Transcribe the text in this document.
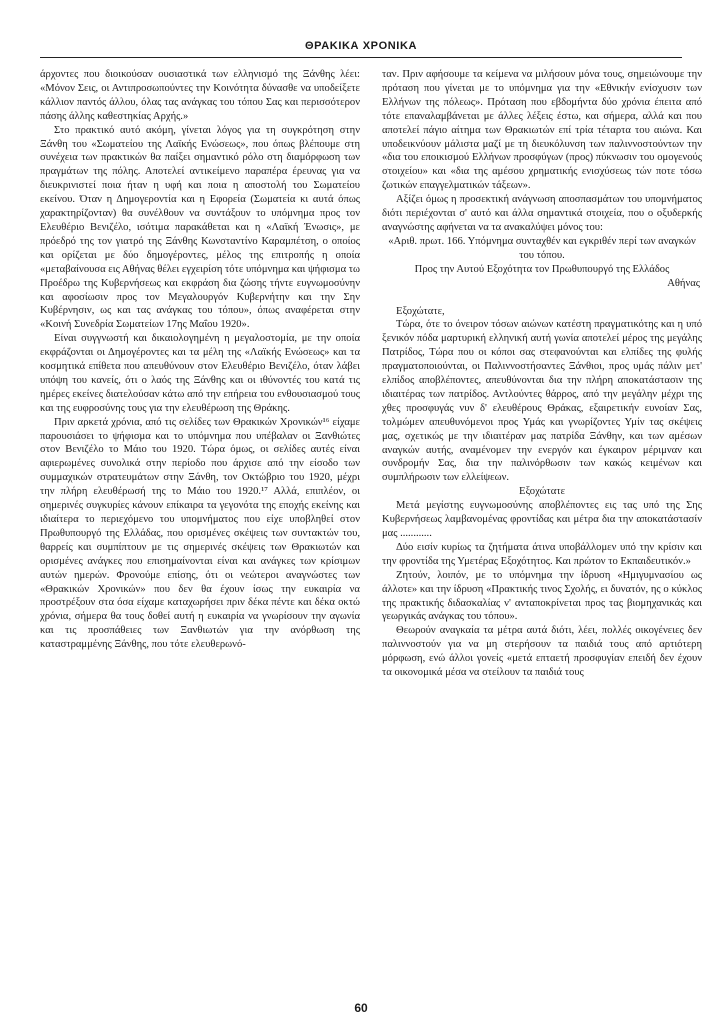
ΘΡΑΚΙΚΑ ΧΡΟΝΙΚΑ

άρχοντες που διοικούσαν ουσιαστικά των ελληνισμό της Ξάνθης λέει: «Μόνον Σεις, οι Αντιπροσωπούντες την Κοινότητα δύνασθε να υποδείξετε κάλλιον παντός άλλου, όλας τας ανάγκας του τόπου Σας και περισσότερον πάσης άλλης καθεστηκίας Αρχής.»

Στο πρακτικό αυτό ακόμη, γίνεται λόγος για τη συγκρότηση στην Ξάνθη του «Σωματείου της Λαϊκής Ενώσεως», που όπως βλέπουμε στη συνέχεια των πρακτικών θα παίξει σημαντικό ρόλο στη διαμόρφωση των πραγμάτων της πόλης. Αποτελεί αντικείμενο παραπέρα έρευνας για να διευκρινιστεί ποια ήταν η υφή και ποια η αποστολή του Σωματείου εκείνου. Όταν η Δημογεροντία και η Εφορεία (Σωματεία κι αυτά όπως χαρακτηρίζονταν) θα συνέλθουν να συντάξουν το υπόμνημα προς τον Ελευθέριο Βενιζέλο, ισότιμα παρακάθεται και η «Λαϊκή Ένωσις», με πρόεδρό της τον γιατρό της Ξάνθης Κωνσταντίνο Καραμπέτση, ο οποίος και ορίζεται με δύο δημογέροντες, μέλος της επιτροπής η οποία «μεταβαίνουσα εις Αθήνας θέλει εγχειρίση τότε υπόμνημα και ψήφισμα τω Προέδρω της Κυβερνήσεως και εκφράση δια ζώσης τήντε ευγνωμοσύνην και αφοσίωσιν προς τον Μεγαλουργόν Κυβερνήτην και την Σην Κυβέρνησιν, ως και τας ανάγκας του τόπου», όπως αναφέρεται στην «Κοινή Συνεδρία Σωματείων 17ης Μαΐου 1920».

Είναι συγγνωστή και δικαιολογημένη η μεγαλοστομία, με την οποία εκφράζονται οι Δημογέροντες και τα μέλη της «Λαϊκής Ενώσεως» και τα κοσμητικά επίθετα που απευθύνουν στον Ελευθέριο Βενιζέλο, όταν λάβει υπόψη του κανείς, ότι ο λαός της Ξάνθης και οι ιθύνοντές του κατά τις ημέρες εκείνες διατελούσαν κάτω από την επήρεια του ενθουσιασμού τους και της ευφροσύνης τους για την ελευθέρωση της Θράκης.

Πριν αρκετά χρόνια, από τις σελίδες των Θρακικών Χρονικών¹⁶ είχαμε παρουσιάσει το ψήφισμα και το υπόμνημα που υπέβαλαν οι Ξανθιώτες στον Βενιζέλο το Μάιο του 1920. Τώρα όμως, οι σελίδες αυτές είναι αφιερωμένες συνολικά στην περίοδο που άρχισε από την είσοδο των συμμαχικών στρατευμάτων στην Ξάνθη, τον Οκτώβριο του 1920, μέχρι την πλήρη ελευθέρωσή της το Μάιο του 1920.¹⁷ Αλλά, επιπλέον, οι σημερινές συγκυρίες κάνουν επίκαιρα τα γεγονότα της εποχής εκείνης και ιδιαίτερα το περιεχόμενο του υπομνήματος που είχε υποβληθεί στον Πρωθυπουργό της Ελλάδας, που ορισμένες σκέψεις των συντακτών του, θαρρείς και συμπίπτουν με τις σημερινές σκέψεις των Θρακιωτών και ορισμένες ανάγκες που επισημαίνονται είναι και ανάγκες των κρίσιμων αυτών ημερών. Φρονούμε επίσης, ότι οι νεώτεροι αναγνώστες των «Θρακικών Χρονικών» που δεν θα έχουν ίσως την ευκαιρία να προστρέξουν στα όσα είχαμε καταχωρήσει πριν δέκα πέντε και δέκα οκτώ χρόνια, σήμερα θα τους δοθεί αυτή η ευκαιρία να γνωρίσουν την αγωνία και τις προσπάθειες των Ξανθιωτών για την ανόρθωση της καταστραμμένης Ξάνθης, που τότε ελευθερωνό-

ταν. Πριν αφήσουμε τα κείμενα να μιλήσουν μόνα τους, σημειώνουμε την πρόταση που γίνεται με το υπόμνημα για την «Εθνικήν ενίσχυσιν των Ελλήνων της πόλεως». Πρόταση που εβδομήντα δύο χρόνια έπειτα από τότε επαναλαμβάνεται με άλλες λέξεις έστω, και σήμερα, αλλά και που αποτελεί πάγιο αίτημα των Θρακιωτών επί τρία τέταρτα του αιώνα. Και υποδεικνύουν μάλιστα μαζί με τη διευκόλυνση των παλιννοστούντων την «δια του εποικισμού Ελλήνων προσφύγων (προς) πύκνωσιν του ομογενούς στοιχείου» και «δια της αμέσου χρηματικής ενισχύσεως τών ποτε τόσω ζωτικών επαγγελματικών τάξεων».

Αξίζει όμως η προσεκτική ανάγνωση αποσπασμάτων του υπομνήματος διότι περιέχονται σ' αυτό και άλλα σημαντικά στοιχεία, που ο οξυδερκής αναγνώστης αφήνεται να τα ανακαλύψει μόνος του:

«Αριθ. πρωτ. 166. Υπόμνημα συνταχθέν και εγκριθέν περί των αναγκών του τόπου.

Προς την Αυτού Εξοχότητα τον Πρωθυπουργό της Ελλάδος

Αθήνας

Εξοχώτατε,

Τώρα, ότε το όνειρον τόσων αιώνων κατέστη πραγματικότης και η υπό ξενικόν πόδα μαρτυρική ελληνική αυτή γωνία αποτελεί μέρος της μεγάλης Πατρίδος, Τώρα που οι κόποι σας στεφανούνται και ελπίδες της φυλής πραγματοποιούνται, οι Παλιννοστήσαντες Ξάνθιοι, προς υμάς πάλιν μετ' ελπίδος αποβλέποντες, απευθύνονται δια την πλήρη αποκατάστασιν της ιδιαιτέρας των πατρίδος. Αντλούντες θάρρος, από την μεγάλην μέχρι της χθες προσφυγάς νυν δ' ελευθέρους Θράκας, εξαιρετικήν ευνοίαν Σας, τολμώμεν απευθυνόμενοι προς Υμάς και γνωρίζοντες Υμίν τας σκέψεις μας, σχετικώς με την ιδιαιτέραν μας πατρίδα Ξάνθην, και των αμέσων αναγκών αυτής, αναμένομεν την ενεργόν και έγκαιρον μέριμναν και συνδρομήν Σας, δια την παλινόρθωσιν των κακώς κειμένων και συμπλήρωσιν των ελλείψεων.

Εξοχώτατε

Μετά μεγίστης ευγνωμοσύνης αποβλέποντες εις τας υπό της Σης Κυβερνήσεως λαμβανομένας φροντίδας και μέτρα δια την αποκατάστασίν μας ............

Δύο εισίν κυρίως τα ζητήματα άτινα υποβάλλομεν υπό την κρίσιν και την φροντίδα της Υμετέρας Εξοχότητος. Και πρώτον το Εκπαιδευτικόν.»

Ζητούν, λοιπόν, με το υπόμνημα την ίδρυση «Ημιγυμνασίου ως άλλοτε» και την ίδρυση «Πρακτικής τινος Σχολής, ει δυνατόν, ης ο κύκλος της πρακτικής διδασκαλίας ν' ανταποκρίνεται προς τας βιομηχανικάς και γεωργικάς ανάγκας του τόπου».

Θεωρούν αναγκαία τα μέτρα αυτά διότι, λέει, πολλές οικογένειες δεν παλιννοστούν για να μη στερήσουν τα παιδιά τους από αρτιότερη μόρφωση, ενώ άλλοι γονείς «μετά επταετή προσφυγίαν επειδή δεν έχουν τα οικονομικά μέσα να στείλουν τα παιδιά τους

60
